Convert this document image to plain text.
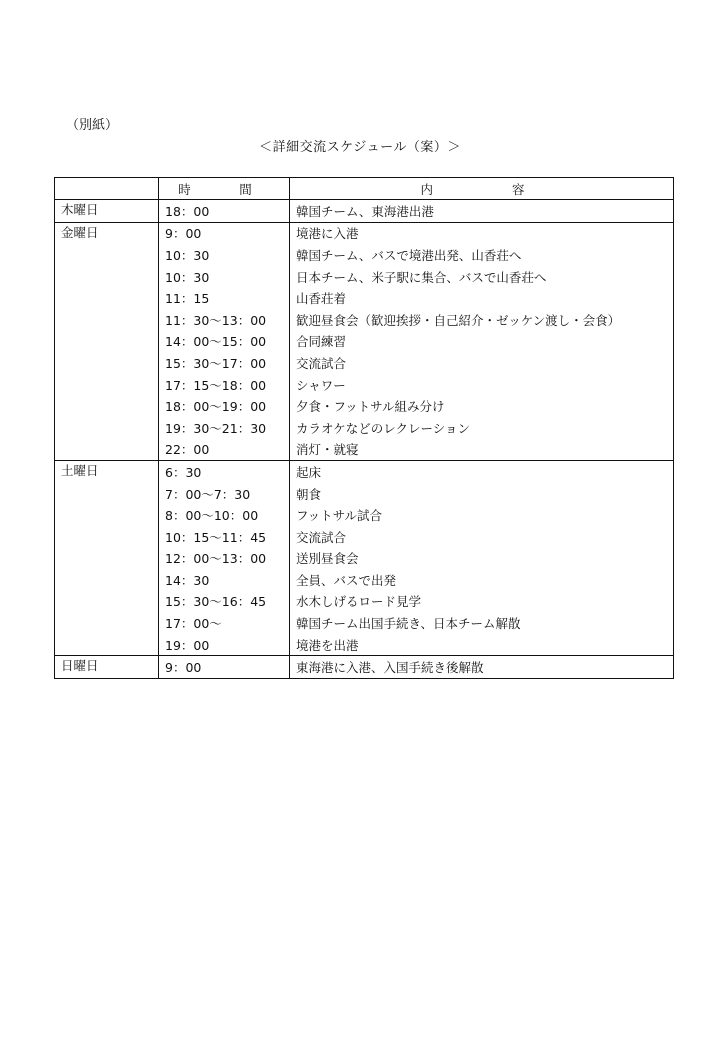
（別紙）
＜詳細交流スケジュール（案）＞
	時　間	内　　容
木曜日	18：00	韓国チーム、東海港出港
金曜日	9：00	境港に入港
	10：30	韓国チーム、バスで境港出発、山香荘へ
	10：30	日本チーム、米子駅に集合、バスで山香荘へ
	11：15	山香荘着
	11：30〜13：00	歓迎昼食会（歓迎挨拶・自己紹介・ゼッケン渡し・会食）
	14：00〜15：00	合同練習
	15：30〜17：00	交流試合
	17：15〜18：00	シャワー
	18：00〜19：00	夕食・フットサル組み分け
	19：30〜21：30	カラオケなどのレクレーション
	22：00	消灯・就寝
土曜日	6：30	起床
	7：00〜7：30	朝食
	8：00〜10：00	フットサル試合
	10：15〜11：45	交流試合
	12：00〜13：00	送別昼食会
	14：30	全員、バスで出発
	15：30〜16：45	水木しげるロード見学
	17：00〜	韓国チーム出国手続き、日本チーム解散
	19：00	境港を出港
日曜日	9：00	東海港に入港、入国手続き後解散
